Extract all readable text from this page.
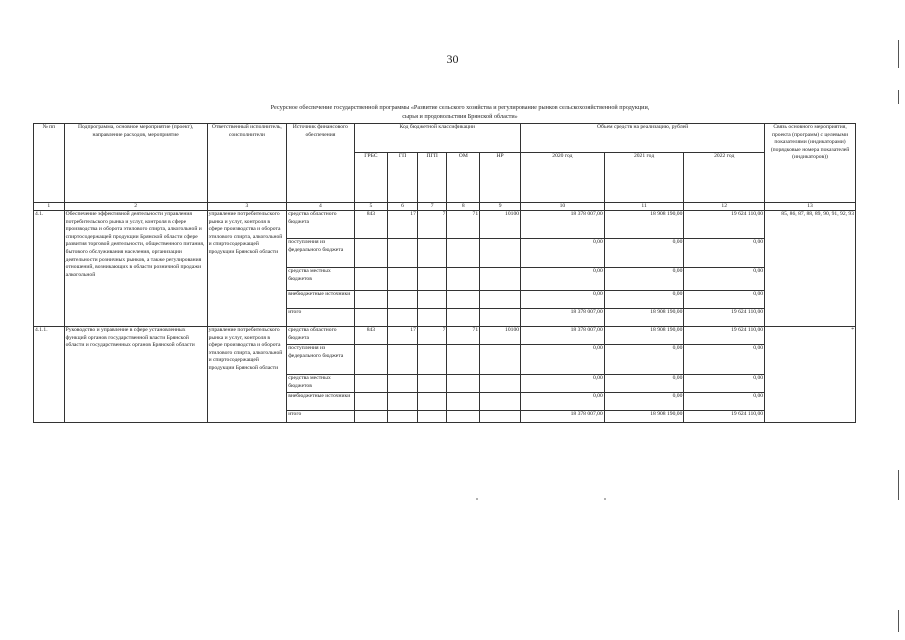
30
Ресурсное обеспечение государственной программы «Развитие сельского хозяйства и регулирование рынков сельскохозяйственной продукции,
сырья и продовольствия Брянской области»
№ пп	Подпрограмма, основное мероприятие (проект), направление расходов, мероприятие	Ответственный исполнитель, соисполнители	Источник финансового обеспечения	Код бюджетной классификации					Объем средств на реализацию, рублей			Связь основного мероприятия, проекта (программ) с целевыми показателями (индикаторами) (порядковые номера показателей (индикаторов))
				ГРБС	ГП	ПГП	ОМ	НР	2020 год	2021 год	2022 год	
1	2	3	4	5	6	7	8	9	10	11	12	13
4.1.	Обеспечение эффективной деятельности управления потребительского рынка и услуг, контроля в сфере производства и оборота этилового спирта, алкогольной и спиртосодержащей продукции Брянской области сфере развития торговой деятельности, общественного питания, бытового обслуживания населения, организации деятельности розничных рынков, а также регулирования отношений, возникающих в области розничной продажи алкогольной	управление потребительского рынка и услуг, контроля в сфере производства и оборота этилового спирта, алкогольной и спиртосодержащей продукции Брянской области	средства областного бюджета	843	17	7	71	10100	18 378 007,00	18 908 190,00	19 624 110,00	85, 86, 87, 88, 89, 90, 91, 92, 93
			поступления из федерального бюджета						0,00	0,00	0,00	
			средства местных бюджетов						0,00	0,00	0,00	
			внебюджетные источники						0,00	0,00	0,00	
			итого						18 378 007,00	18 908 190,00	19 624 110,00	
4.1.1.	Руководство и управление в сфере установленных функций органов государственной власти Брянской области и государственных органов Брянской области	управление потребительского рынка и услуг, контроля в сфере производства и оборота этилового спирта, алкогольной и спиртосодержащей продукции Брянской области	средства областного бюджета	843	17	7	71	10100	18 378 007,00	18 908 190,00	19 624 110,00	*
			поступления из федерального бюджета						0,00	0,00	0,00	
			средства местных бюджетов						0,00	0,00	0,00	
			внебюджетные источники						0,00	0,00	0,00	
			итого						18 378 007,00	18 908 190,00	19 624 110,00	
